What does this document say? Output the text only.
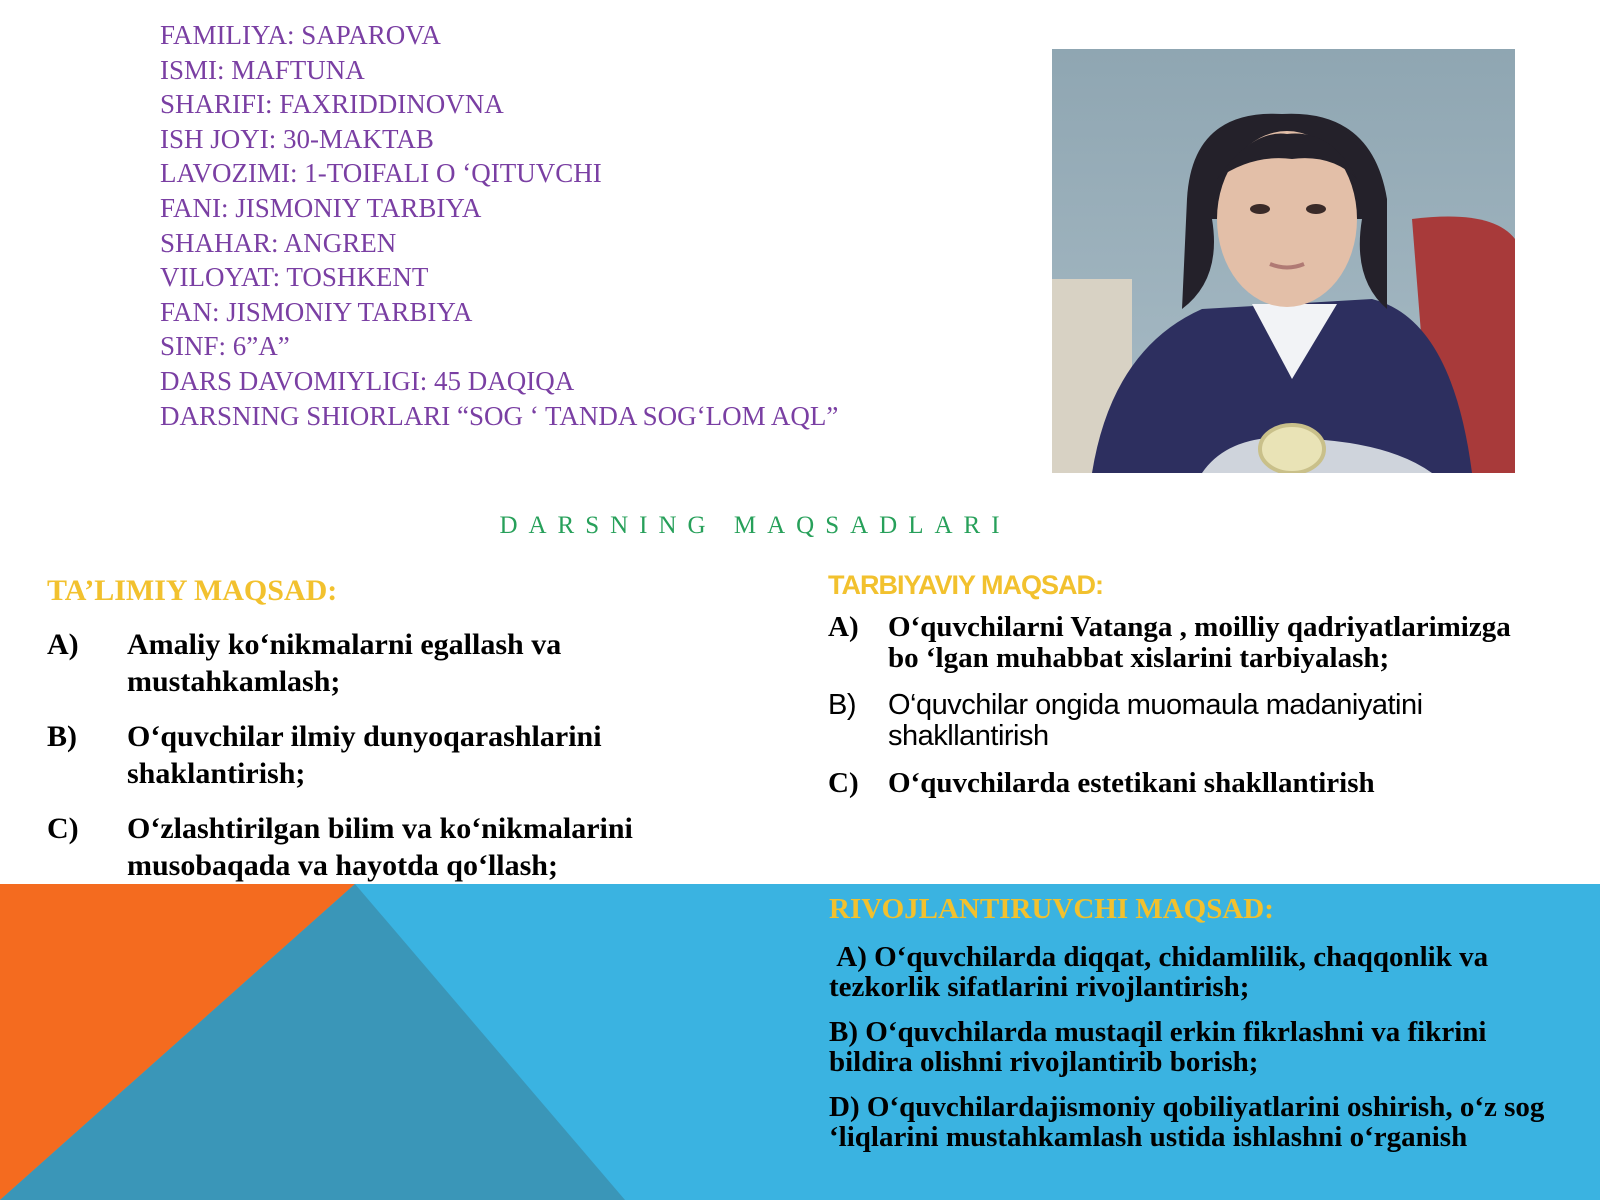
FAMILIYA: SAPAROVA
ISMI: MAFTUNA
SHARIFI: FAXRIDDINOVNA
ISH JOYI: 30-MAKTAB
LAVOZIMI: 1-TOIFALI O ‘QITUVCHI
FANI: JISMONIY TARBIYA
SHAHAR: ANGREN
VILOYAT: TOSHKENT
FAN: JISMONIY TARBIYA
SINF: 6”A”
DARS DAVOMIYLIGI: 45 DAQIQA
DARSNING SHIORLARI “SOG ‘ TANDA SOG‘LOM AQL”
DARSNING MAQSADLARI
TA’LIMIY MAQSAD:
A)	Amaliy ko‘nikmalarni egallash va mustahkamlash;
B)	O‘quvchilar ilmiy dunyoqarashlarini shaklantirish;
C)	O‘zlashtirilgan bilim va ko‘nikmalarini musobaqada va hayotda qo‘llash;
TARBIYAVIY MAQSAD:
A)	O‘quvchilarni Vatanga , moilliy qadriyatlarimizga bo ‘lgan muhabbat xislarini tarbiyalash;
B)	O‘quvchilar ongida muomaula madaniyatini shakllantirish
C)	O‘quvchilarda estetikani shakllantirish
RIVOJLANTIRUVCHI MAQSAD:

A) O‘quvchilarda diqqat, chidamlilik, chaqqonlik va tezkorlik sifatlarini rivojlantirish;

B) O‘quvchilarda mustaqil erkin fikrlashni va fikrini bildira olishni rivojlantirib borish;

D) O‘quvchilardajismoniy qobiliyatlarini oshirish, o‘z sog ‘liqlarini mustahkamlash ustida ishlashni o‘rganish
